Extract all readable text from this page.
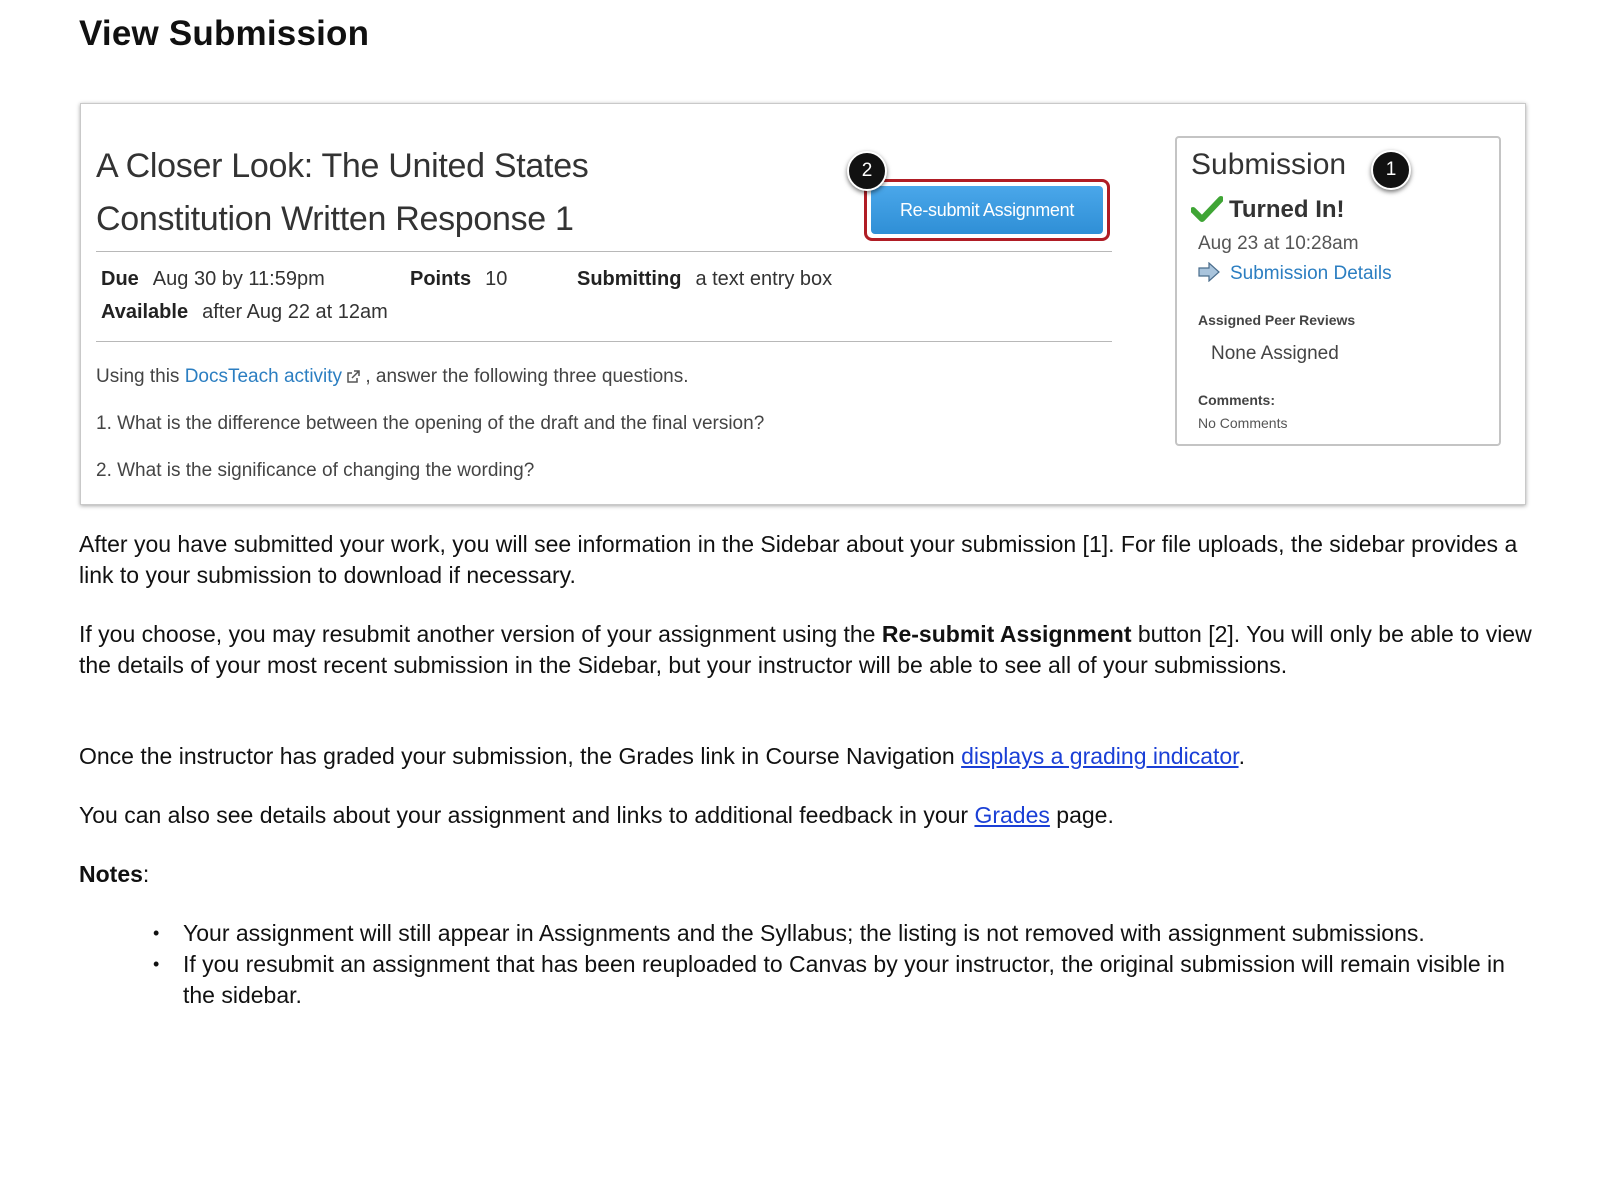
View Submission
A Closer Look: The United States
Constitution Written Response 1	Re-submit Assignment
2
Due Aug 30 by 11:59pm	Points 10	Submitting a text entry box
Available after Aug 22 at 12am
Using this DocsTeach activity , answer the following three questions.
1. What is the difference between the opening of the draft and the final version?
2. What is the significance of changing the wording?
Submission
Turned In!
Aug 23 at 10:28am
Submission Details
Assigned Peer Reviews
None Assigned
Comments:
No Comments
1

After you have submitted your work, you will see information in the Sidebar about your submission [1]. For file uploads, the sidebar provides a link to your submission to download if necessary.

If you choose, you may resubmit another version of your assignment using the Re-submit Assignment button [2]. You will only be able to view the details of your most recent submission in the Sidebar, but your instructor will be able to see all of your submissions.

Once the instructor has graded your submission, the Grades link in Course Navigation displays a grading indicator.

You can also see details about your assignment and links to additional feedback in your Grades page.

Notes:

• Your assignment will still appear in Assignments and the Syllabus; the listing is not removed with assignment submissions.
• If you resubmit an assignment that has been reuploaded to Canvas by your instructor, the original submission will remain visible in the sidebar.
